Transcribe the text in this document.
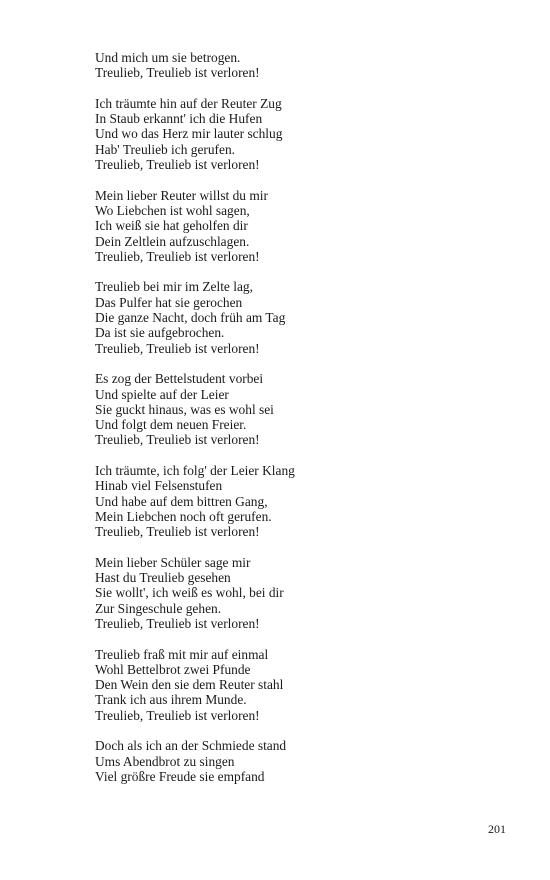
Und mich um sie betrogen.
Treulieb, Treulieb ist verloren!
Ich träumte hin auf der Reuter Zug
In Staub erkannt' ich die Hufen
Und wo das Herz mir lauter schlug
Hab' Treulieb ich gerufen.
Treulieb, Treulieb ist verloren!
Mein lieber Reuter willst du mir
Wo Liebchen ist wohl sagen,
Ich weiß sie hat geholfen dir
Dein Zeltlein aufzuschlagen.
Treulieb, Treulieb ist verloren!
Treulieb bei mir im Zelte lag,
Das Pulfer hat sie gerochen
Die ganze Nacht, doch früh am Tag
Da ist sie aufgebrochen.
Treulieb, Treulieb ist verloren!
Es zog der Bettelstudent vorbei
Und spielte auf der Leier
Sie guckt hinaus, was es wohl sei
Und folgt dem neuen Freier.
Treulieb, Treulieb ist verloren!
Ich träumte, ich folg' der Leier Klang
Hinab viel Felsenstufen
Und habe auf dem bittren Gang,
Mein Liebchen noch oft gerufen.
Treulieb, Treulieb ist verloren!
Mein lieber Schüler sage mir
Hast du Treulieb gesehen
Sie wollt', ich weiß es wohl, bei dir
Zur Singeschule gehen.
Treulieb, Treulieb ist verloren!
Treulieb fraß mit mir auf einmal
Wohl Bettelbrot zwei Pfunde
Den Wein den sie dem Reuter stahl
Trank ich aus ihrem Munde.
Treulieb, Treulieb ist verloren!
Doch als ich an der Schmiede stand
Ums Abendbrot zu singen
Viel größre Freude sie empfand
201
